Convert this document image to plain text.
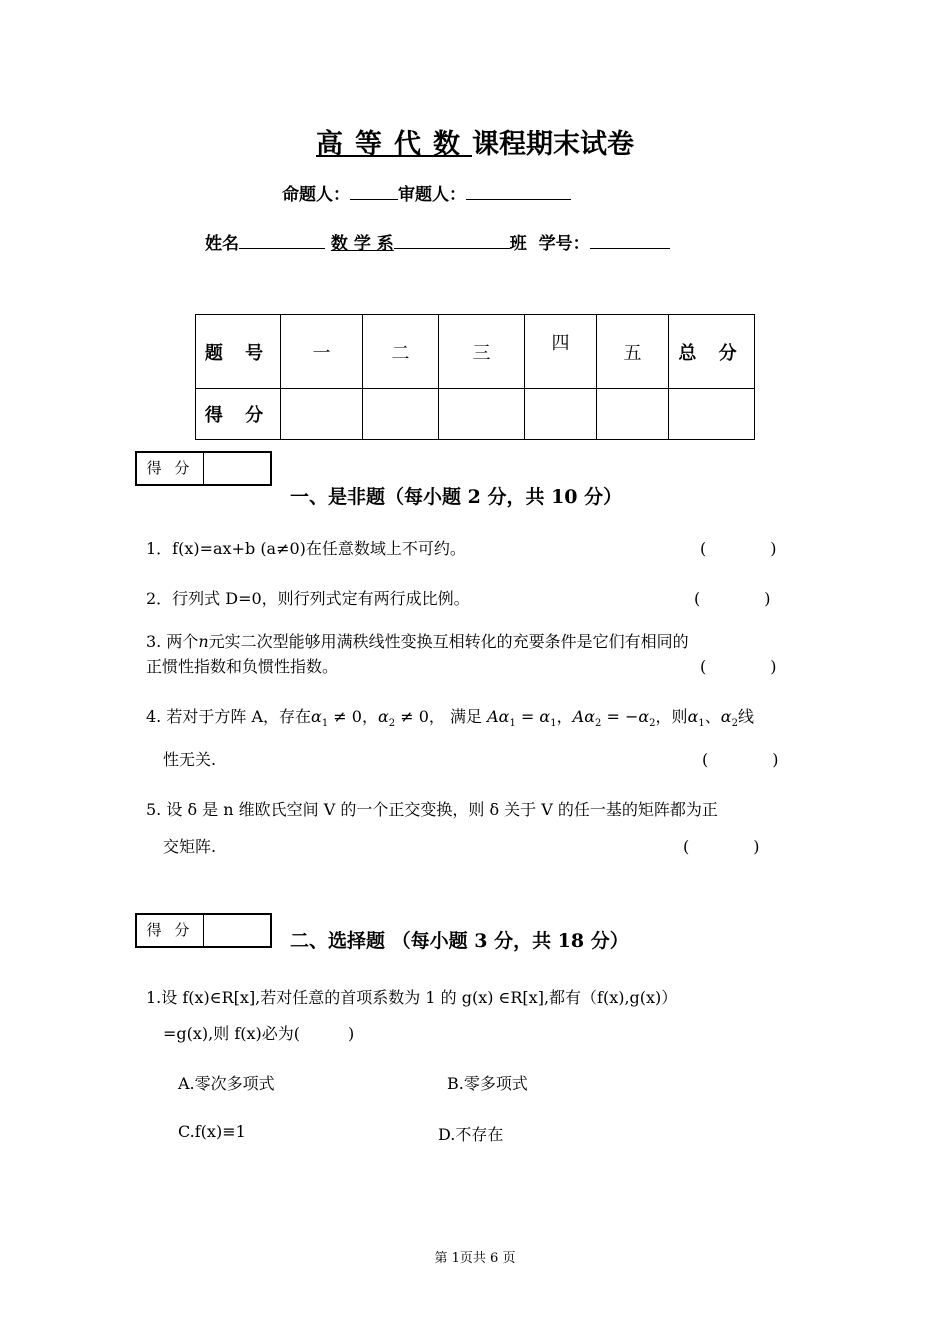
高等代数课程期末试卷
命题人：	审题人：
姓名	数 学 系	班 学号：
题 号	一	二	三	四	五	总 分
得 分						
得 分
一、是非题（每小题 2 分，共 10 分）
1．f(x)=ax+b (a≠0)在任意数域上不可约。	(　　　　)
2．行列式 D=0，则行列式定有两行成比例。	(　　　　)
3. 两个n元实二次型能够用满秩线性变换互相转化的充要条件是它们有相同的
正惯性指数和负惯性指数。	(　　　　)
4. 若对于方阵 A，存在$\alpha_1 \ne 0$，$\alpha_2 \ne 0$， 满足 $A\alpha_1 = \alpha_1$，$A\alpha_2 = -\alpha_2$，则$\alpha_1$、$\alpha_2$线
性无关.	(　　　　)
5. 设 δ 是 n 维欧氏空间 V 的一个正交变换，则 δ 关于 V 的任一基的矩阵都为正
交矩阵.	(　　　　)
得 分	二、选择题 （每小题 3 分，共 18 分）
1.设 f(x)∈R[x],若对任意的首项系数为 1 的 g(x) ∈R[x],都有（f(x),g(x)）
=g(x),则 f(x)必为(　　　)
A.零次多项式	B.零多项式
C.f(x)≡1	D.不存在
第 1页共 6 页
